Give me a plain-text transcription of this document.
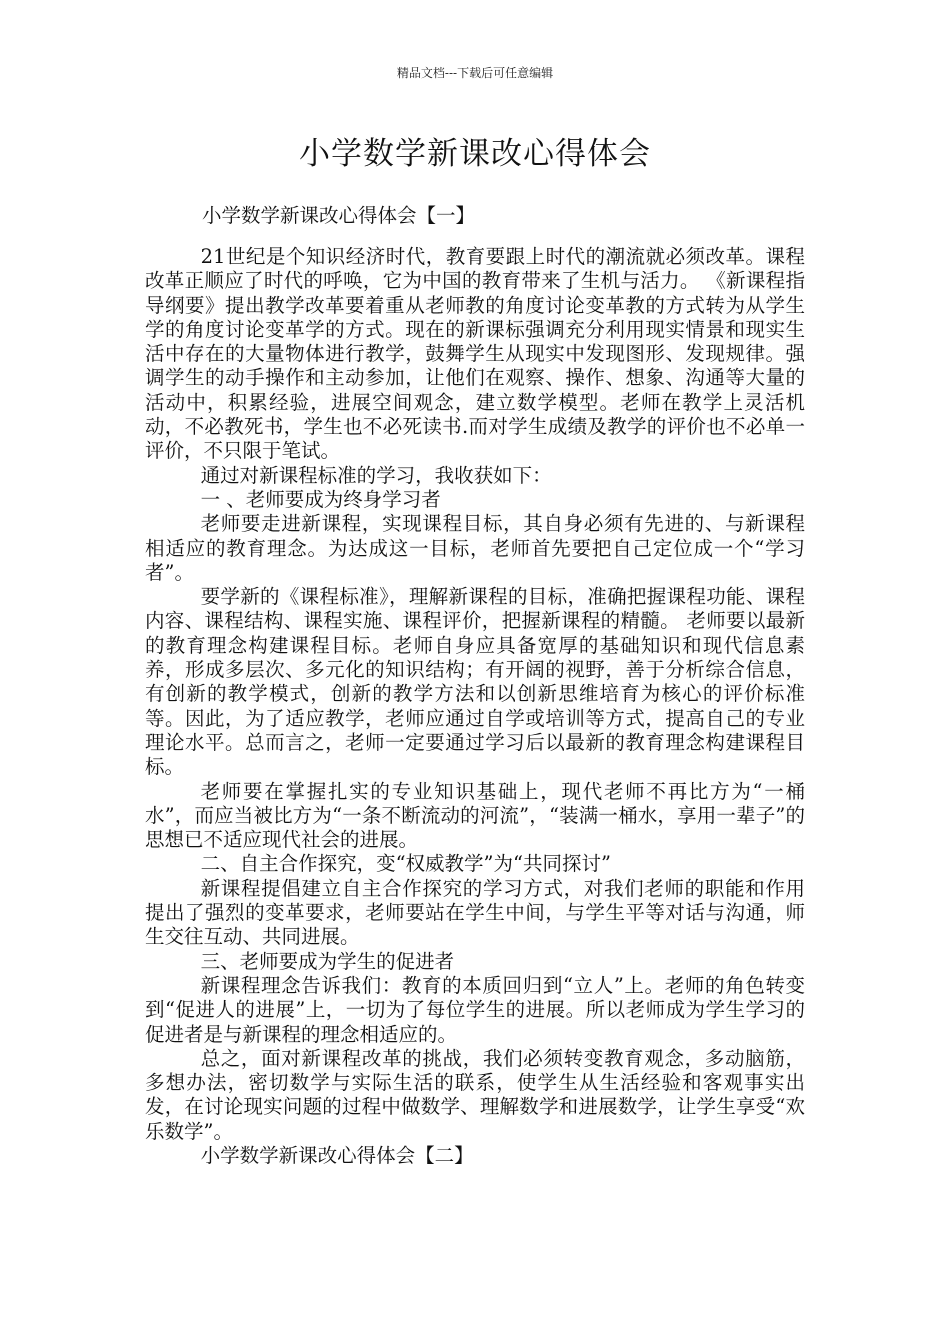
精品文档---下载后可任意编辑
小学数学新课改心得体会
小学数学新课改心得体会【一】

21世纪是个知识经济时代，教育要跟上时代的潮流就必须改革。课程改革正顺应了时代的呼唤，它为中国的教育带来了生机与活力。 《新课程指导纲要》提出教学改革要着重从老师教的角度讨论变革教的方式转为从学生学的角度讨论变革学的方式。现在的新课标强调充分利用现实情景和现实生活中存在的大量物体进行教学，鼓舞学生从现实中发现图形、发现规律。强调学生的动手操作和主动参加，让他们在观察、操作、想象、沟通等大量的活动中，积累经验，进展空间观念，建立数学模型。老师在教学上灵活机动，不必教死书，学生也不必死读书.而对学生成绩及教学的评价也不必单一评价，不只限于笔试。

通过对新课程标准的学习，我收获如下：

一 、老师要成为终身学习者

老师要走进新课程，实现课程目标，其自身必须有先进的、与新课程相适应的教育理念。为达成这一目标，老师首先要把自己定位成一个“学习者”。

要学新的《课程标准》，理解新课程的目标，准确把握课程功能、课程内容、课程结构、课程实施、课程评价，把握新课程的精髓。 老师要以最新的教育理念构建课程目标。老师自身应具备宽厚的基础知识和现代信息素养，形成多层次、多元化的知识结构；有开阔的视野，善于分析综合信息，有创新的教学模式，创新的教学方法和以创新思维培育为核心的评价标准等。因此，为了适应教学，老师应通过自学或培训等方式，提高自己的专业理论水平。总而言之，老师一定要通过学习后以最新的教育理念构建课程目标。

老师要在掌握扎实的专业知识基础上，现代老师不再比方为“一桶水”，而应当被比方为“一条不断流动的河流”，“装满一桶水，享用一辈子”的思想已不适应现代社会的进展。

二、自主合作探究，变“权威教学”为“共同探讨”

新课程提倡建立自主合作探究的学习方式，对我们老师的职能和作用提出了强烈的变革要求，老师要站在学生中间，与学生平等对话与沟通，师生交往互动、共同进展。

三、老师要成为学生的促进者

新课程理念告诉我们：教育的本质回归到“立人”上。老师的角色转变到“促进人的进展”上，一切为了每位学生的进展。所以老师成为学生学习的促进者是与新课程的理念相适应的。

总之，面对新课程改革的挑战，我们必须转变教育观念，多动脑筋，多想办法，密切数学与实际生活的联系，使学生从生活经验和客观事实出发，在讨论现实问题的过程中做数学、理解数学和进展数学，让学生享受“欢乐数学”。

小学数学新课改心得体会【二】
